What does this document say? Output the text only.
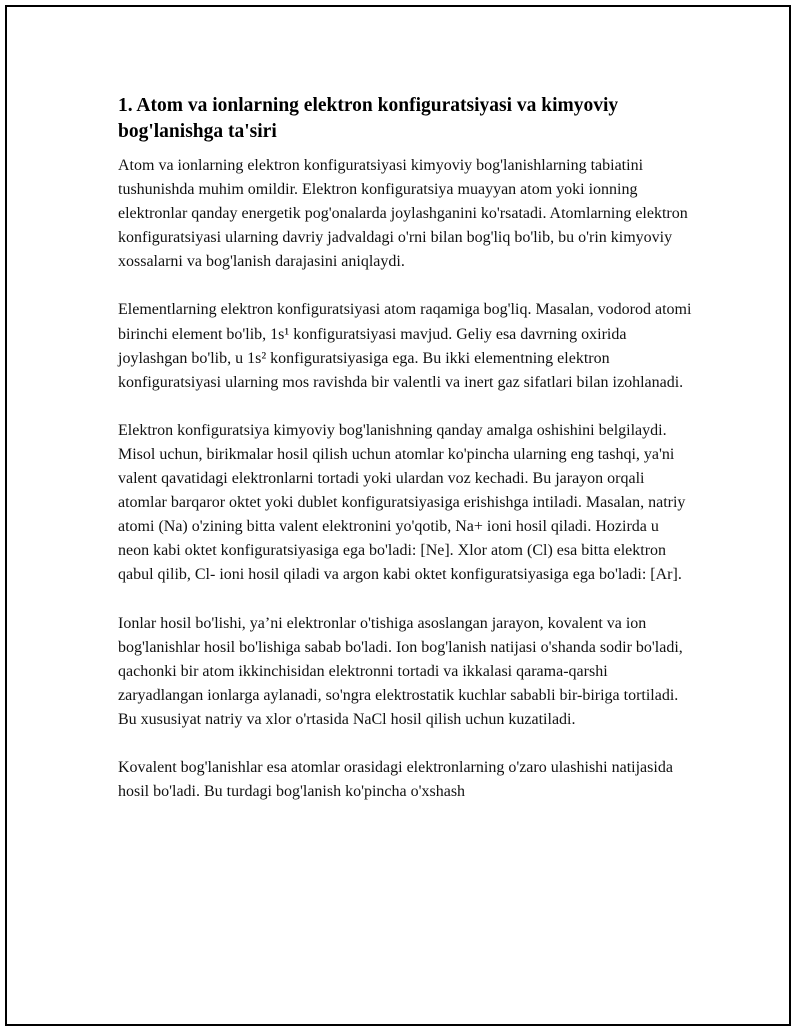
1. Atom va ionlarning elektron konfiguratsiyasi va kimyoviy bog'lanishga ta'siri

Atom va ionlarning elektron konfiguratsiyasi kimyoviy bog'lanishlarning tabiatini tushunishda muhim omildir. Elektron konfiguratsiya muayyan atom yoki ionning elektronlar qanday energetik pog'onalarda joylashganini ko'rsatadi. Atomlarning elektron konfiguratsiyasi ularning davriy jadvaldagi o'rni bilan bog'liq bo'lib, bu o'rin kimyoviy xossalarni va bog'lanish darajasini aniqlaydi.

Elementlarning elektron konfiguratsiyasi atom raqamiga bog'liq. Masalan, vodorod atomi birinchi element bo'lib, 1s¹ konfiguratsiyasi mavjud. Geliy esa davrning oxirida joylashgan bo'lib, u 1s² konfiguratsiyasiga ega. Bu ikki elementning elektron konfiguratsiyasi ularning mos ravishda bir valentli va inert gaz sifatlari bilan izohlanadi.

Elektron konfiguratsiya kimyoviy bog'lanishning qanday amalga oshishini belgilaydi. Misol uchun, birikmalar hosil qilish uchun atomlar ko'pincha ularning eng tashqi, ya'ni valent qavatidagi elektronlarni tortadi yoki ulardan voz kechadi. Bu jarayon orqali atomlar barqaror oktet yoki dublet konfiguratsiyasiga erishishga intiladi. Masalan, natriy atomi (Na) o'zining bitta valent elektronini yo'qotib, Na+ ioni hosil qiladi. Hozirda u neon kabi oktet konfiguratsiyasiga ega bo'ladi: [Ne]. Xlor atom (Cl) esa bitta elektron qabul qilib, Cl- ioni hosil qiladi va argon kabi oktet konfiguratsiyasiga ega bo'ladi: [Ar].

Ionlar hosil bo'lishi, ya’ni elektronlar o'tishiga asoslangan jarayon, kovalent va ion bog'lanishlar hosil bo'lishiga sabab bo'ladi. Ion bog'lanish natijasi o'shanda sodir bo'ladi, qachonki bir atom ikkinchisidan elektronni tortadi va ikkalasi qarama-qarshi zaryadlangan ionlarga aylanadi, so'ngra elektrostatik kuchlar sababli bir-biriga tortiladi. Bu xususiyat natriy va xlor o'rtasida NaCl hosil qilish uchun kuzatiladi.

Kovalent bog'lanishlar esa atomlar orasidagi elektronlarning o'zaro ulashishi natijasida hosil bo'ladi. Bu turdagi bog'lanish ko'pincha o'xshash
